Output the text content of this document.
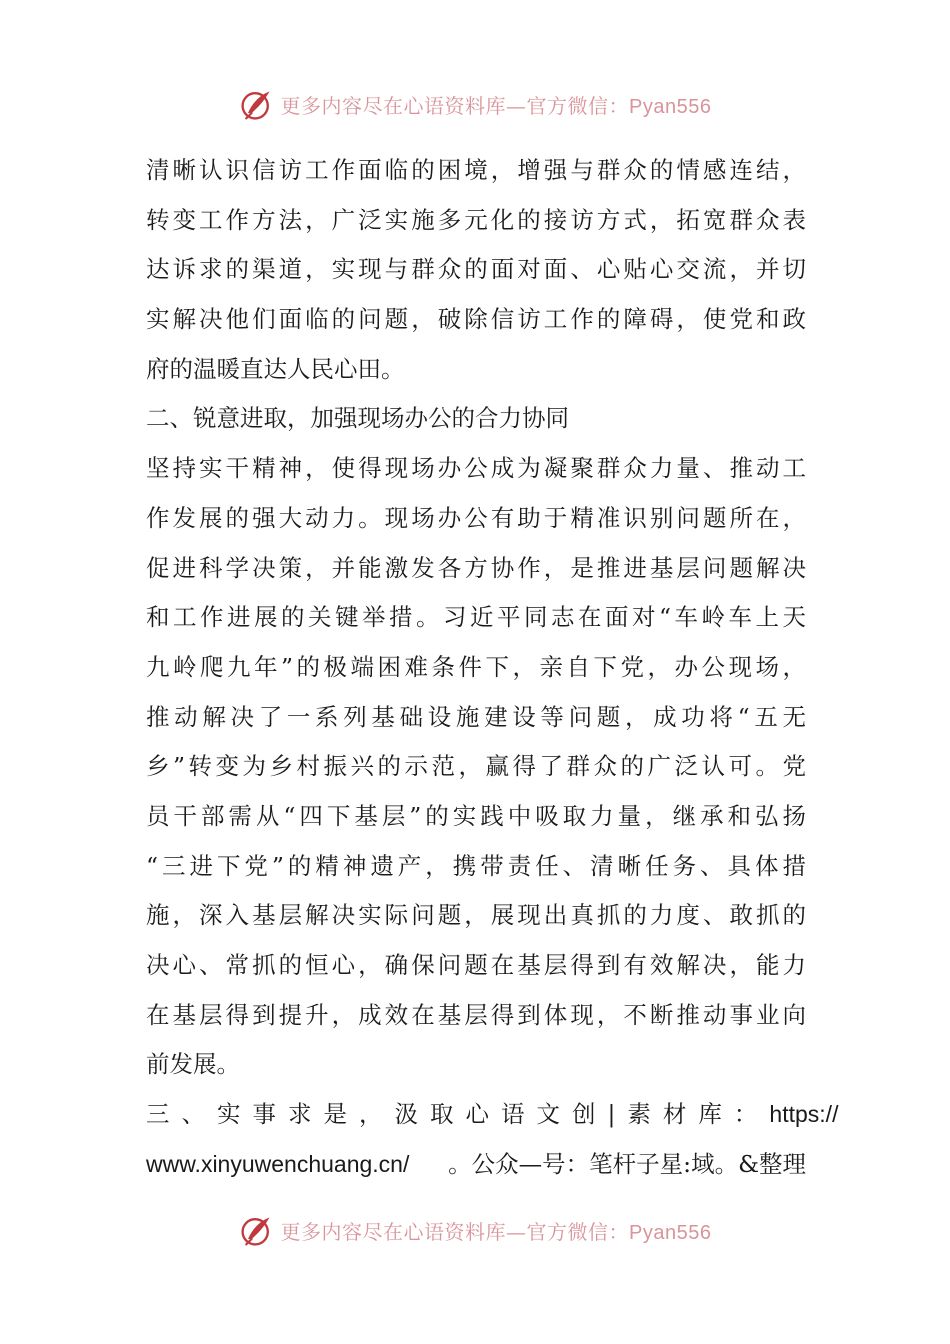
更多内容尽在心语资料库—官方微信：Pyan556
清晰认识信访工作面临的困境，增强与群众的情感连结，
转变工作方法，广泛实施多元化的接访方式，拓宽群众表
达诉求的渠道，实现与群众的面对面、心贴心交流，并切
实解决他们面临的问题，破除信访工作的障碍，使党和政
府的温暖直达人民心田。
二、锐意进取，加强现场办公的合力协同
坚持实干精神，使得现场办公成为凝聚群众力量、推动工
作发展的强大动力。现场办公有助于精准识别问题所在，
促进科学决策，并能激发各方协作，是推进基层问题解决
和工作进展的关键举措。习近平同志在面对“车岭车上天
九岭爬九年”的极端困难条件下，亲自下党，办公现场，
推动解决了一系列基础设施建设等问题，成功将“五无
乡”转变为乡村振兴的示范，赢得了群众的广泛认可。党
员干部需从“四下基层”的实践中吸取力量，继承和弘扬
“三进下党”的精神遗产，携带责任、清晰任务、具体措
施，深入基层解决实际问题，展现出真抓的力度、敢抓的
决心、常抓的恒心，确保问题在基层得到有效解决，能力
在基层得到提升，成效在基层得到体现，不断推动事业向
前发展。
三、实事求是，汲取心语文创|素材库： https://
www.xinyuwenchuang.cn/ 。公众—号：笔杆子星:域。&整理
更多内容尽在心语资料库—官方微信：Pyan556
